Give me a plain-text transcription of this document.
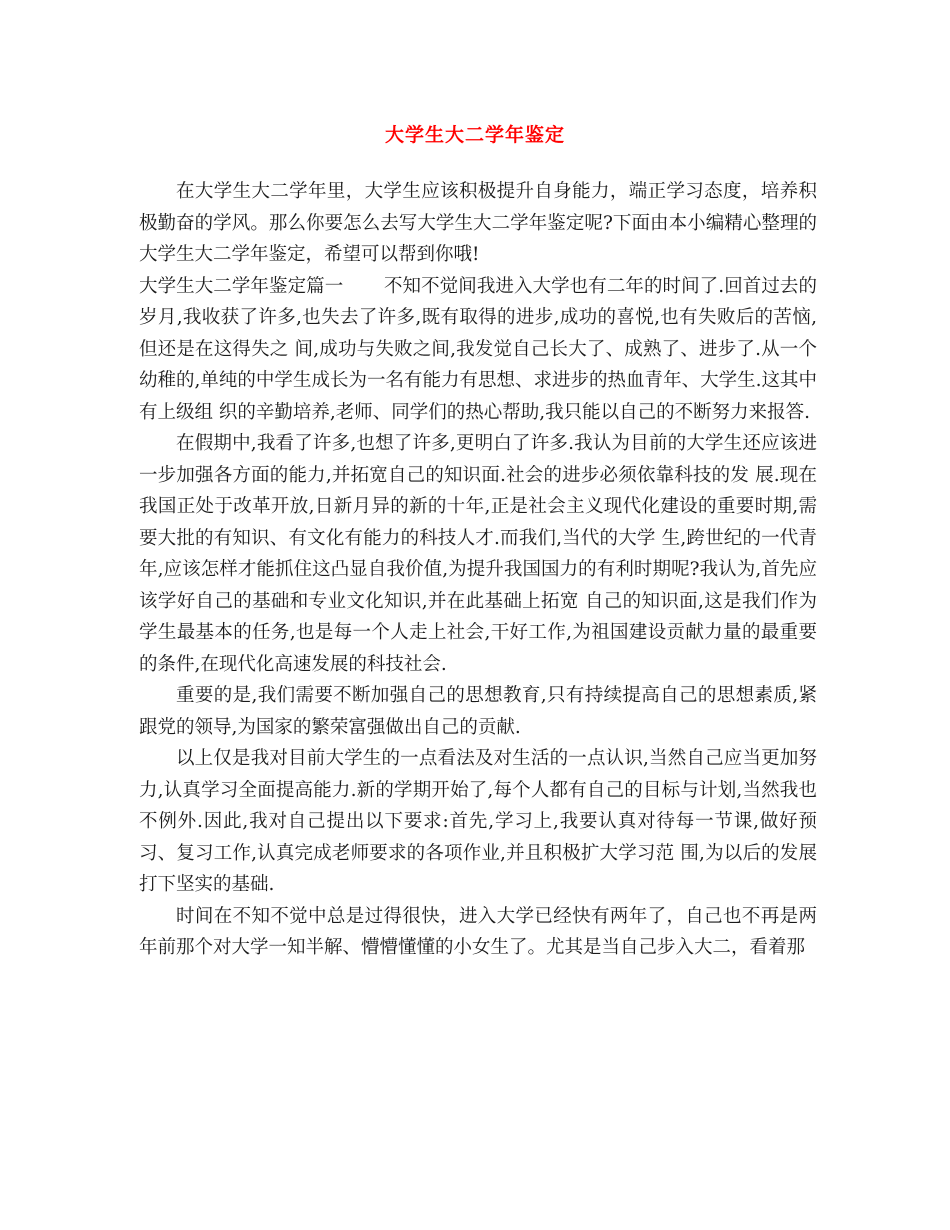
大学生大二学年鉴定

在大学生大二学年里，大学生应该积极提升自身能力，端正学习态度，培养积极勤奋的学风。那么你要怎么去写大学生大二学年鉴定呢?下面由本小编精心整理的大学生大二学年鉴定，希望可以帮到你哦!

大学生大二学年鉴定篇一 不知不觉间我进入大学也有二年的时间了.回首过去的岁月,我收获了许多,也失去了许多,既有取得的进步,成功的喜悦,也有失败后的苦恼,但还是在这得失之 间,成功与失败之间,我发觉自己长大了、成熟了、进步了.从一个幼稚的,单纯的中学生成长为一名有能力有思想、求进步的热血青年、大学生.这其中有上级组 织的辛勤培养,老师、同学们的热心帮助,我只能以自己的不断努力来报答.

在假期中,我看了许多,也想了许多,更明白了许多.我认为目前的大学生还应该进一步加强各方面的能力,并拓宽自己的知识面.社会的进步必须依靠科技的发 展.现在我国正处于改革开放,日新月异的新的十年,正是社会主义现代化建设的重要时期,需要大批的有知识、有文化有能力的科技人才.而我们,当代的大学 生,跨世纪的一代青年,应该怎样才能抓住这凸显自我价值,为提升我国国力的有利时期呢?我认为,首先应该学好自己的基础和专业文化知识,并在此基础上拓宽 自己的知识面,这是我们作为学生最基本的任务,也是每一个人走上社会,干好工作,为祖国建设贡献力量的最重要的条件,在现代化高速发展的科技社会.

重要的是,我们需要不断加强自己的思想教育,只有持续提高自己的思想素质,紧跟党的领导,为国家的繁荣富强做出自己的贡献.

以上仅是我对目前大学生的一点看法及对生活的一点认识,当然自己应当更加努力,认真学习全面提高能力.新的学期开始了,每个人都有自己的目标与计划,当然我也不例外.因此,我对自己提出以下要求:首先,学习上,我要认真对待每一节课,做好预习、复习工作,认真完成老师要求的各项作业,并且积极扩大学习范 围,为以后的发展打下坚实的基础.

时间在不知不觉中总是过得很快，进入大学已经快有两年了，自己也不再是两年前那个对大学一知半解、懵懵懂懂的小女生了。尤其是当自己步入大二，看着那
